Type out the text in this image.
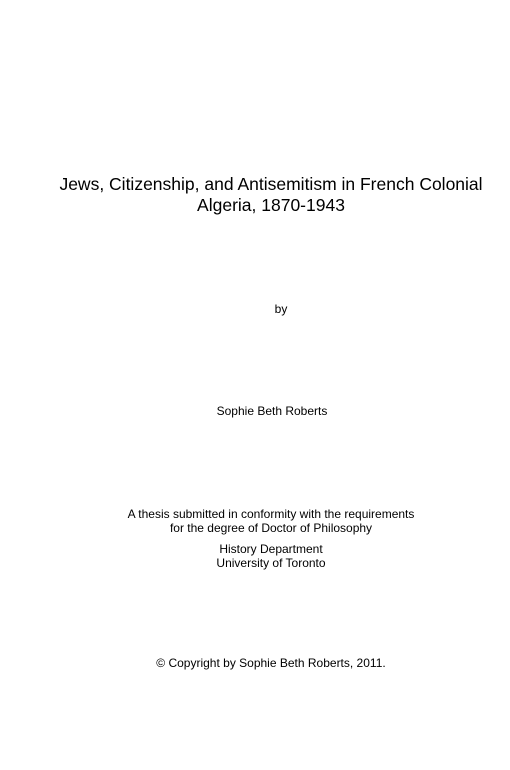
Jews, Citizenship, and Antisemitism in French Colonial
Algeria, 1870-1943
by
Sophie Beth Roberts
A thesis submitted in conformity with the requirements
for the degree of Doctor of Philosophy
History Department
University of Toronto
© Copyright by Sophie Beth Roberts, 2011.
